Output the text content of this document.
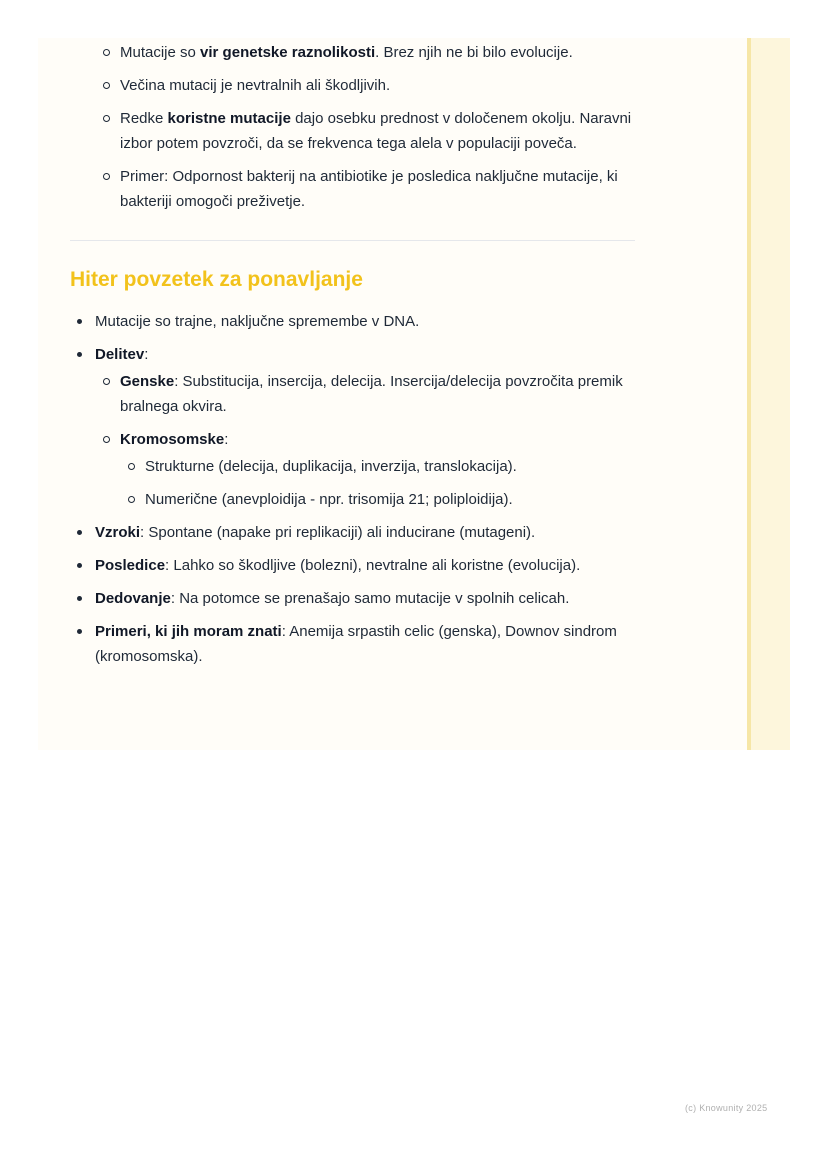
Mutacije so vir genetske raznolikosti. Brez njih ne bi bilo evolucije.
Večina mutacij je nevtralnih ali škodljivih.
Redke koristne mutacije dajo osebku prednost v določenem okolju. Naravni izbor potem povzroči, da se frekvenca tega alela v populaciji poveča.
Primer: Odpornost bakterij na antibiotike je posledica naključne mutacije, ki bakteriji omogoči preživetje.
Hiter povzetek za ponavljanje
Mutacije so trajne, naključne spremembe v DNA.
Delitev:
Genske: Substitucija, insercija, delecija. Insercija/delecija povzročita premik bralnega okvira.
Kromosomske:
Strukturne (delecija, duplikacija, inverzija, translokacija).
Numerične (anevploidija - npr. trisomija 21; poliploidija).
Vzroki: Spontane (napake pri replikaciji) ali inducirane (mutageni).
Posledice: Lahko so škodljive (bolezni), nevtralne ali koristne (evolucija).
Dedovanje: Na potomce se prenašajo samo mutacije v spolnih celicah.
Primeri, ki jih moram znati: Anemija srpastih celic (genska), Downov sindrom (kromosomska).
(c) Knowunity 2025
